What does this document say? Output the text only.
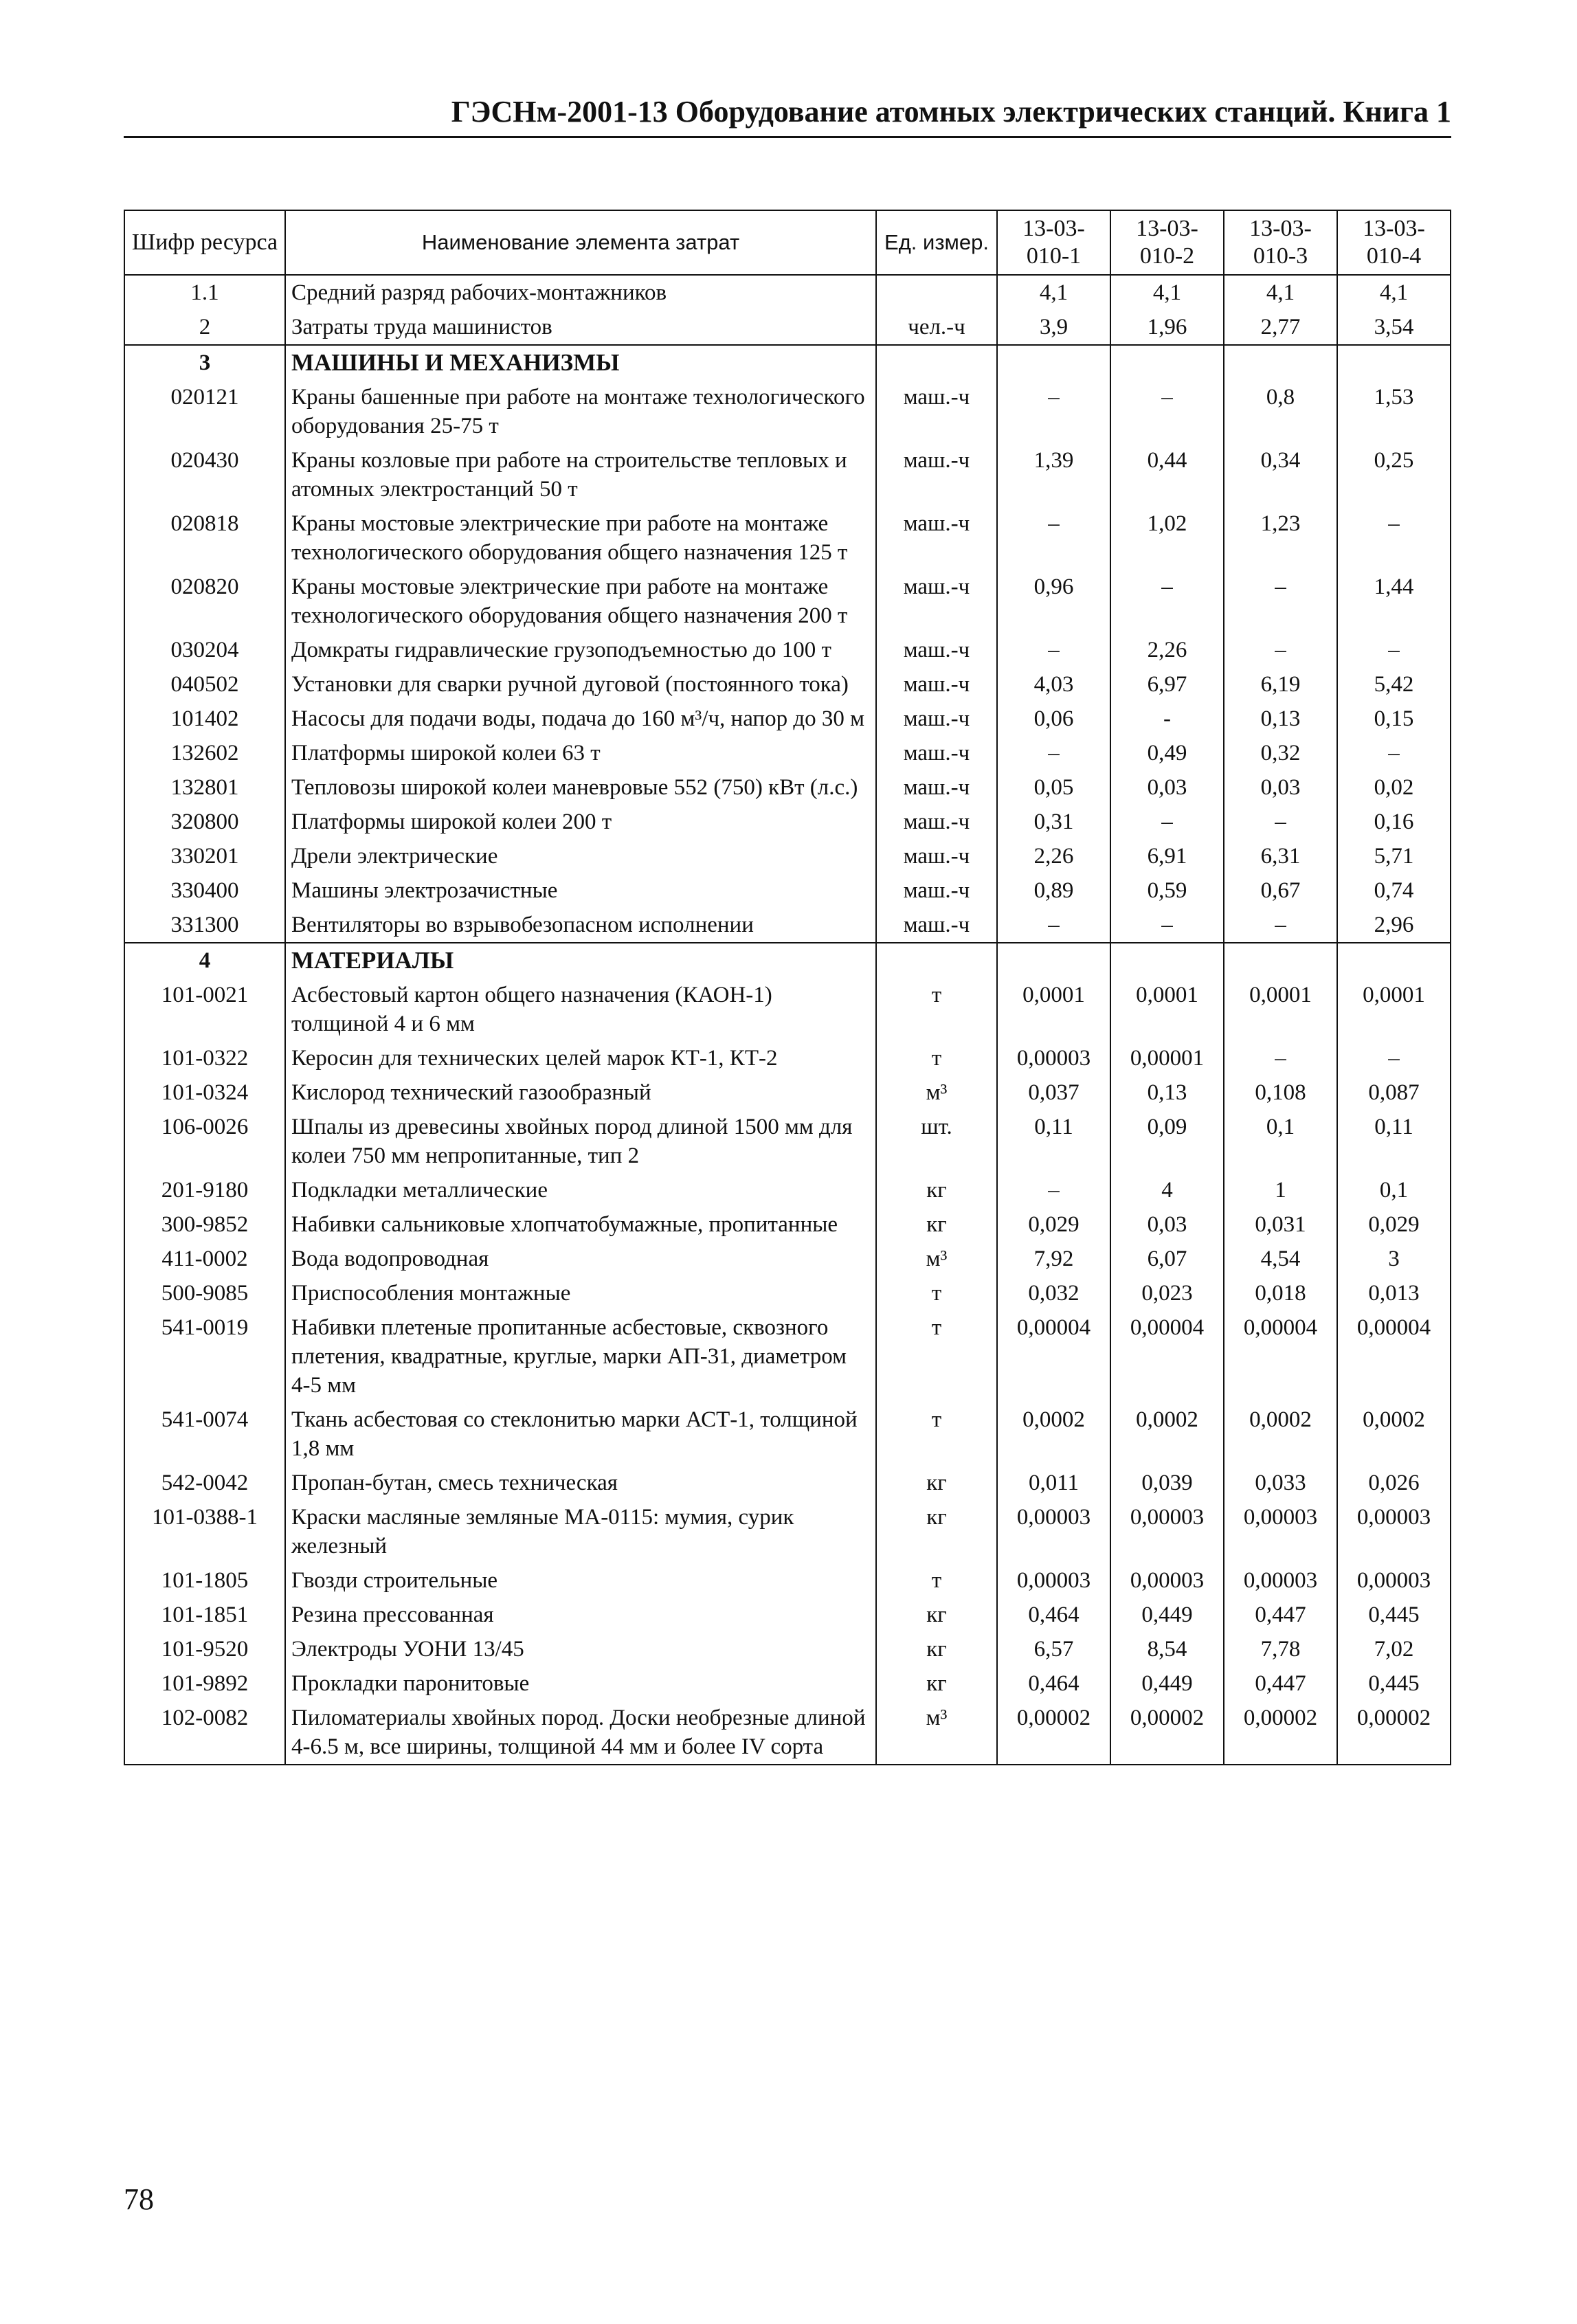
ГЭСНм-2001-13 Оборудование атомных электрических станций. Книга 1
Шифр ресурса	Наименование элемента затрат	Ед. измер.	13-03-010-1	13-03-010-2	13-03-010-3	13-03-010-4
1.1	Средний разряд рабочих-монтажников		4,1	4,1	4,1	4,1
2	Затраты труда машинистов	чел.-ч	3,9	1,96	2,77	3,54
3	МАШИНЫ И МЕХАНИЗМЫ					
020121	Краны башенные при работе на монтаже технологического оборудования 25-75 т	маш.-ч	–	–	0,8	1,53
020430	Краны козловые при работе на строительстве тепловых и атомных электростанций 50 т	маш.-ч	1,39	0,44	0,34	0,25
020818	Краны мостовые электрические при работе на монтаже технологического оборудования общего назначения 125 т	маш.-ч	–	1,02	1,23	–
020820	Краны мостовые электрические при работе на монтаже технологического оборудования общего назначения 200 т	маш.-ч	0,96	–	–	1,44
030204	Домкраты гидравлические грузоподъемностью до 100 т	маш.-ч	–	2,26	–	–
040502	Установки для сварки ручной дуговой (постоянного тока)	маш.-ч	4,03	6,97	6,19	5,42
101402	Насосы для подачи воды, подача до 160 м³/ч, напор до 30 м	маш.-ч	0,06	-	0,13	0,15
132602	Платформы широкой колеи 63 т	маш.-ч	–	0,49	0,32	–
132801	Тепловозы широкой колеи маневровые 552 (750) кВт (л.с.)	маш.-ч	0,05	0,03	0,03	0,02
320800	Платформы широкой колеи 200 т	маш.-ч	0,31	–	–	0,16
330201	Дрели электрические	маш.-ч	2,26	6,91	6,31	5,71
330400	Машины электрозачистные	маш.-ч	0,89	0,59	0,67	0,74
331300	Вентиляторы во взрывобезопасном исполнении	маш.-ч	–	–	–	2,96
4	МАТЕРИАЛЫ					
101-0021	Асбестовый картон общего назначения (КАОН-1) толщиной 4 и 6 мм	т	0,0001	0,0001	0,0001	0,0001
101-0322	Керосин для технических целей марок КТ-1, КТ-2	т	0,00003	0,00001	–	–
101-0324	Кислород технический газообразный	м³	0,037	0,13	0,108	0,087
106-0026	Шпалы из древесины хвойных пород длиной 1500 мм для колеи 750 мм непропитанные, тип 2	шт.	0,11	0,09	0,1	0,11
201-9180	Подкладки металлические	кг	–	4	1	0,1
300-9852	Набивки сальниковые хлопчатобумажные, пропитанные	кг	0,029	0,03	0,031	0,029
411-0002	Вода водопроводная	м³	7,92	6,07	4,54	3
500-9085	Приспособления монтажные	т	0,032	0,023	0,018	0,013
541-0019	Набивки плетеные пропитанные асбестовые, сквозного плетения, квадратные, круглые, марки АП-31, диаметром 4-5 мм	т	0,00004	0,00004	0,00004	0,00004
541-0074	Ткань асбестовая со стеклонитью марки АСТ-1, толщиной 1,8 мм	т	0,0002	0,0002	0,0002	0,0002
542-0042	Пропан-бутан, смесь техническая	кг	0,011	0,039	0,033	0,026
101-0388-1	Краски масляные земляные МА-0115: мумия, сурик железный	кг	0,00003	0,00003	0,00003	0,00003
101-1805	Гвозди строительные	т	0,00003	0,00003	0,00003	0,00003
101-1851	Резина прессованная	кг	0,464	0,449	0,447	0,445
101-9520	Электроды УОНИ 13/45	кг	6,57	8,54	7,78	7,02
101-9892	Прокладки паронитовые	кг	0,464	0,449	0,447	0,445
102-0082	Пиломатериалы хвойных пород. Доски необрезные длиной 4-6.5 м, все ширины, толщиной 44 мм и более IV сорта	м³	0,00002	0,00002	0,00002	0,00002
78
